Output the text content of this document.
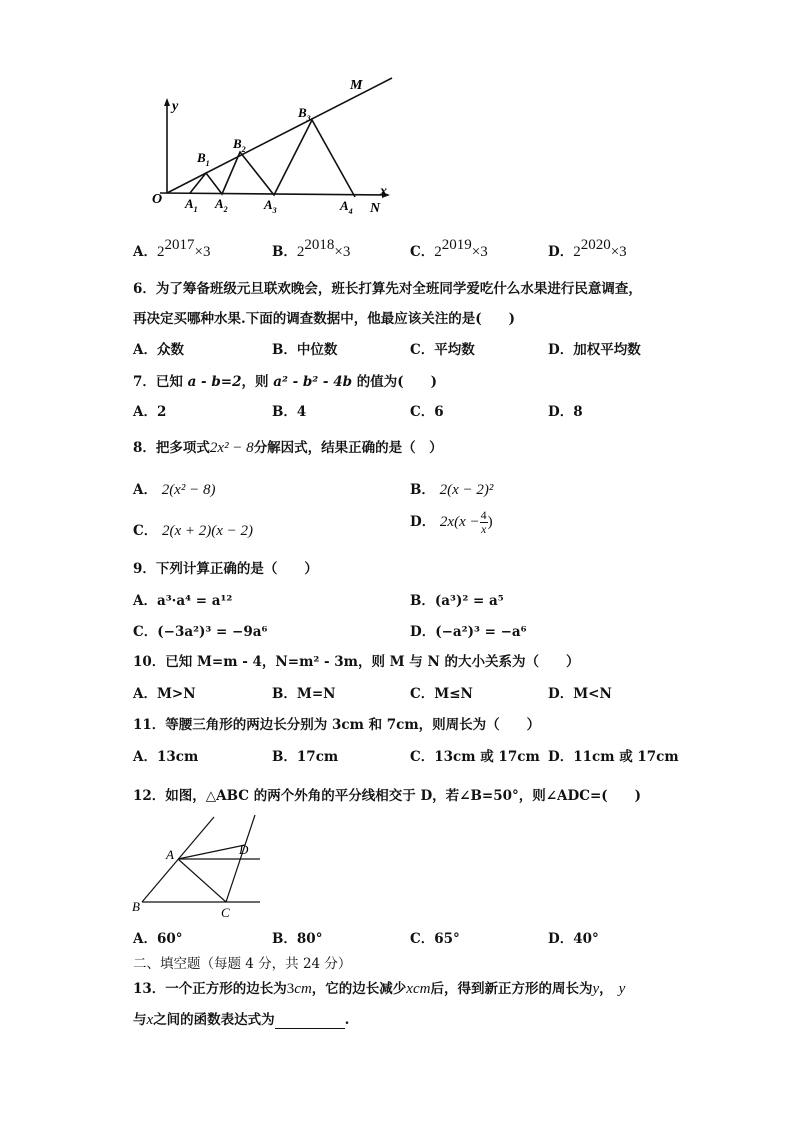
y
x
O
M
N
$B_1$
$B_2$
$B_3$
$A_1$ $A_2$	$A_3$	$A_4$
A．$2^{2017}\times 3$	B．$2^{2018}\times 3$	C．$2^{2019}\times 3$	D．$2^{2020}\times 3$
6．为了筹备班级元旦联欢晚会，班长打算先对全班同学爱吃什么水果进行民意调查，
再决定买哪种水果.下面的调查数据中，他最应该关注的是(　　)
A．众数	B．中位数	C．平均数	D．加权平均数
7．已知 a - b=2，则 a² - b² - 4b 的值为(　　)
A．2	B．4	C．6	D．8
8．把多项式2x² − 8分解因式，结果正确的是（　）
A． 2(x² − 8)	B． 2(x − 2)²
C． 2(x + 2)(x − 2)
D． $2x(x - \frac{4}{x}$ )
9．下列计算正确的是（　　）
A．a³·a⁴ = a¹²	B．(a³)² = a⁵
C．(−3a²)³ = −9a⁶	D．(−a²)³ = −a⁶
10．已知 M=m - 4，N=m² - 3m，则 M 与 N 的大小关系为（　　）
A．M>N	B．M=N	C．M≤N	D．M<N
11．等腰三角形的两边长分别为 3cm 和 7cm，则周长为（　　）
A．13cm	B．17cm	C．13cm 或 17cm D．11cm 或 17cm
12．如图，△ABC 的两个外角的平分线相交于 D，若∠B=50°，则∠ADC=(　　)
A
B	C
D
A．60°	B．80°	C．65°	D．40°
二、填空题（每题 4 分，共 24 分）
13．一个正方形的边长为3cm，它的边长减少xcm后，得到新正方形的周长为y， y
与x之间的函数表达式为	.
